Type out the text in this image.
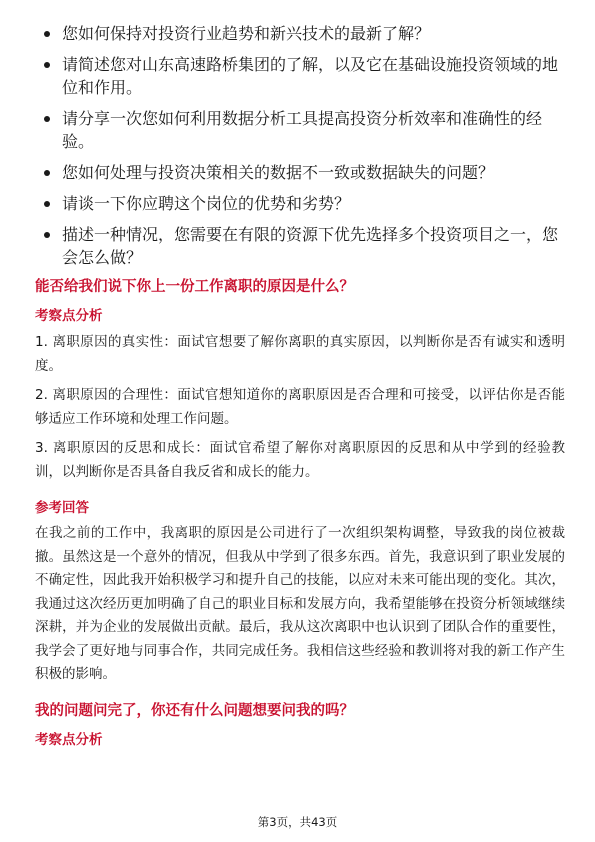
您如何保持对投资行业趋势和新兴技术的最新了解？
请简述您对山东高速路桥集团的了解，以及它在基础设施投资领域的地位和作用。
请分享一次您如何利用数据分析工具提高投资分析效率和准确性的经验。
您如何处理与投资决策相关的数据不一致或数据缺失的问题？
请谈一下你应聘这个岗位的优势和劣势？
描述一种情况，您需要在有限的资源下优先选择多个投资项目之一，您会怎么做？

能否给我们说下你上一份工作离职的原因是什么？

考察点分析

1. 离职原因的真实性：面试官想要了解你离职的真实原因，以判断你是否有诚实和透明度。

2. 离职原因的合理性：面试官想知道你的离职原因是否合理和可接受，以评估你是否能够适应工作环境和处理工作问题。

3. 离职原因的反思和成长：面试官希望了解你对离职原因的反思和从中学到的经验教训，以判断你是否具备自我反省和成长的能力。

参考回答

在我之前的工作中，我离职的原因是公司进行了一次组织架构调整，导致我的岗位被裁撤。虽然这是一个意外的情况，但我从中学到了很多东西。首先，我意识到了职业发展的不确定性，因此我开始积极学习和提升自己的技能，以应对未来可能出现的变化。其次，我通过这次经历更加明确了自己的职业目标和发展方向，我希望能够在投资分析领域继续深耕，并为企业的发展做出贡献。最后，我从这次离职中也认识到了团队合作的重要性，我学会了更好地与同事合作，共同完成任务。我相信这些经验和教训将对我的新工作产生积极的影响。

我的问题问完了，你还有什么问题想要问我的吗？

考察点分析

第3页，共43页
